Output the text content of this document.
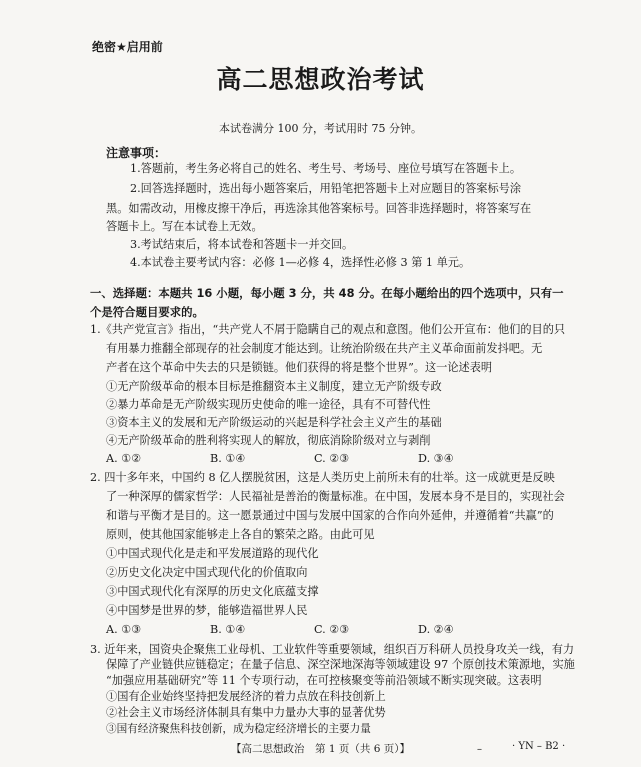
绝密★启用前
高二思想政治考试
本试卷满分 100 分，考试用时 75 分钟。
注意事项：
1.答题前，考生务必将自己的姓名、考生号、考场号、座位号填写在答题卡上。
2.回答选择题时，选出每小题答案后，用铅笔把答题卡上对应题目的答案标号涂
黑。如需改动，用橡皮擦干净后，再选涂其他答案标号。回答非选择题时，将答案写在
答题卡上。写在本试卷上无效。
3.考试结束后，将本试卷和答题卡一并交回。
4.本试卷主要考试内容：必修 1—必修 4，选择性必修 3 第 1 单元。
一、选择题：本题共 16 小题，每小题 3 分，共 48 分。在每小题给出的四个选项中，只有一个是符合题目要求的。
1.《共产党宣言》指出，“共产党人不屑于隐瞒自己的观点和意图。他们公开宣布：他们的目的只
有用暴力推翻全部现存的社会制度才能达到。让统治阶级在共产主义革命面前发抖吧。无
产者在这个革命中失去的只是锁链。他们获得的将是整个世界”。这一论述表明
①无产阶级革命的根本目标是推翻资本主义制度，建立无产阶级专政
②暴力革命是无产阶级实现历史使命的唯一途径，具有不可替代性
③资本主义的发展和无产阶级运动的兴起是科学社会主义产生的基础
④无产阶级革命的胜利将实现人的解放，彻底消除阶级对立与剥削
A. ①②	B. ①④	C. ②③	D. ③④
2. 四十多年来，中国约 8 亿人摆脱贫困，这是人类历史上前所未有的壮举。这一成就更是反映
了一种深厚的儒家哲学：人民福祉是善治的衡量标准。在中国，发展本身不是目的，实现社会
和谐与平衡才是目的。这一愿景通过中国与发展中国家的合作向外延伸，并遵循着“共赢”的
原则，使其他国家能够走上各自的繁荣之路。由此可见
①中国式现代化是走和平发展道路的现代化
②历史文化决定中国式现代化的价值取向
③中国式现代化有深厚的历史文化底蕴支撑
④中国梦是世界的梦，能够造福世界人民
A. ①③	B. ①④	C. ②③	D. ②④
3. 近年来，国资央企聚焦工业母机、工业软件等重要领域，组织百万科研人员投身攻关一线，有力
保障了产业链供应链稳定；在量子信息、深空深地深海等领域建设 97 个原创技术策源地，实施
“加强应用基础研究”等 11 个专项行动，在可控核聚变等前沿领域不断实现突破。这表明
①国有企业始终坚持把发展经济的着力点放在科技创新上
②社会主义市场经济体制具有集中力量办大事的显著优势
③国有经济聚焦科技创新，成为稳定经济增长的主要力量
【高二思想政治　第 1 页（共 6 页）】	–	· YN – B2 ·
